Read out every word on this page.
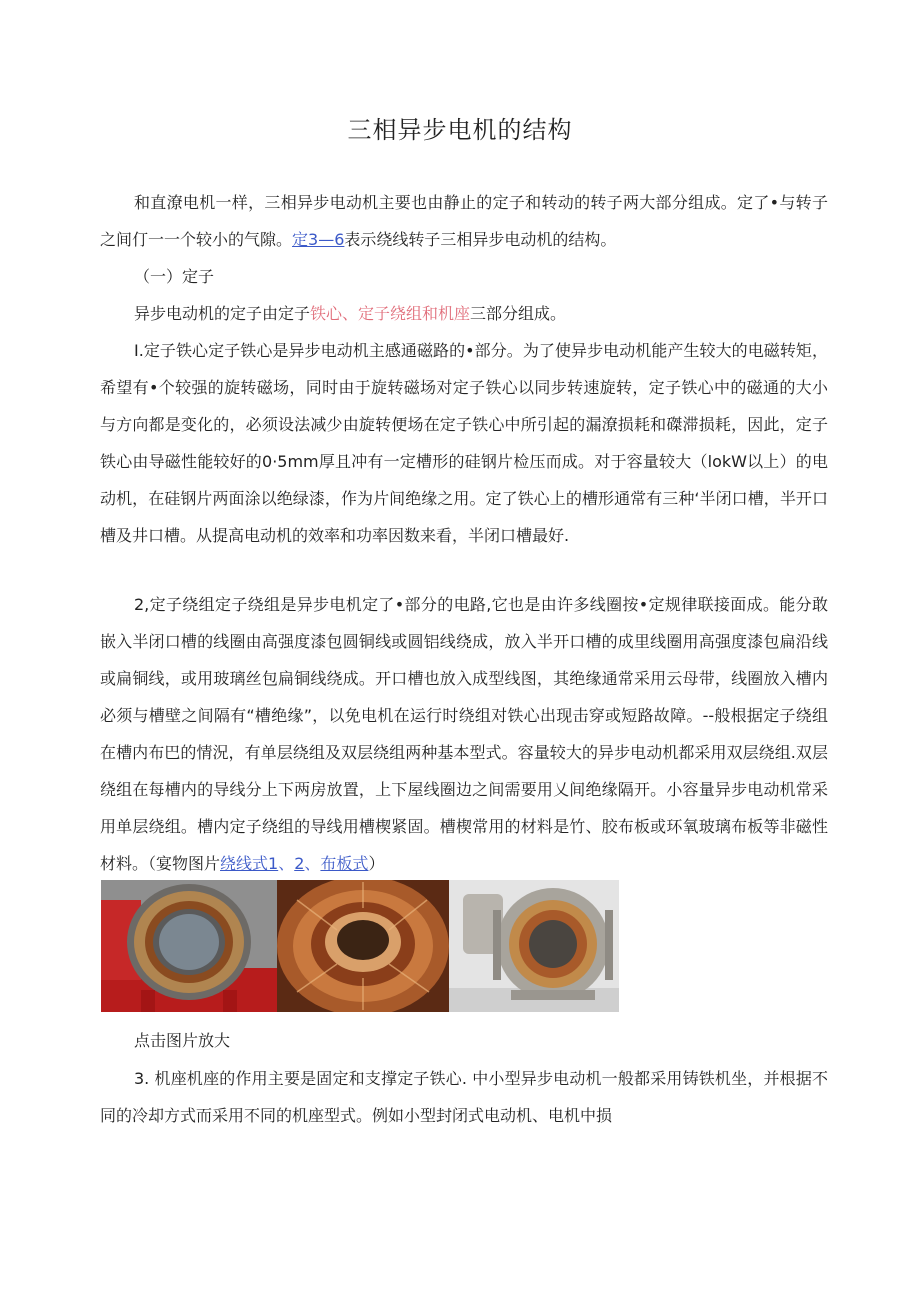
三相异步电机的结构
和直潦电机一样，三相异步电动机主要也由静止的定子和转动的转子两大部分组成。定了•与转子之间仃一一个较小的气隙。定3—6表示绕线转子三相异步电动机的结构。
（一）定子
异步电动机的定子由定子铁心、定子绕组和机座三部分组成。
I.定子铁心定子铁心是异步电动机主感通磁路的•部分。为了使异步电动机能产生较大的电磁转矩，希望有•个较强的旋转磁场，同时由于旋转磁场对定子铁心以同步转速旋转，定子铁心中的磁通的大小与方向都是变化的，必须设法减少由旋转便场在定子铁心中所引起的漏潦损耗和磔滞损耗，因此，定子铁心由导磁性能较好的0·5mm厚且冲有一定槽形的硅钢片检压而成。对于容量较大（lokW以上）的电动机，在硅钢片两面涂以绝绿漆，作为片间绝缘之用。定了铁心上的槽形通常有三种‘半闭口槽，半开口槽及井口槽。从提高电动机的效率和功率因数来看，半闭口槽最好.
2,定子绕组定子绕组是异步电机定了•部分的电路,它也是由许多线圈按•定规律联接面成。能分敢嵌入半闭口槽的线圈由高强度漆包圆铜线或圆铝线绕成，放入半开口槽的成里线圈用高强度漆包扁沿线或扁铜线，或用玻璃丝包扁铜线绕成。开口槽也放入成型线图，其绝缘通常采用云母带，线圈放入槽内必须与槽壁之间隔有“槽绝缘”，以免电机在运行时绕组对铁心出现击穿或短路故障。--般根据定子绕组在槽内布巴的情況，有单层绕组及双层绕组两种基本型式。容量较大的异步电动机都采用双层绕组.双层绕组在每槽内的导线分上下两房放置，上下屋线圈边之间需要用乂间绝缘隔开。小容量异步电动机常采用单层绕组。槽内定子绕组的导线用槽楔紧固。槽楔常用的材料是竹、胶布板或环氧玻璃布板等非磁性材料。（宴物图片绕线式1、2、布板式）
点击图片放大
3. 机座机座的作用主要是固定和支撑定子铁心. 中小型异步电动机一般都采用铸铁机坐，并根据不同的冷却方式而采用不同的机座型式。例如小型封闭式电动机、电机中损
